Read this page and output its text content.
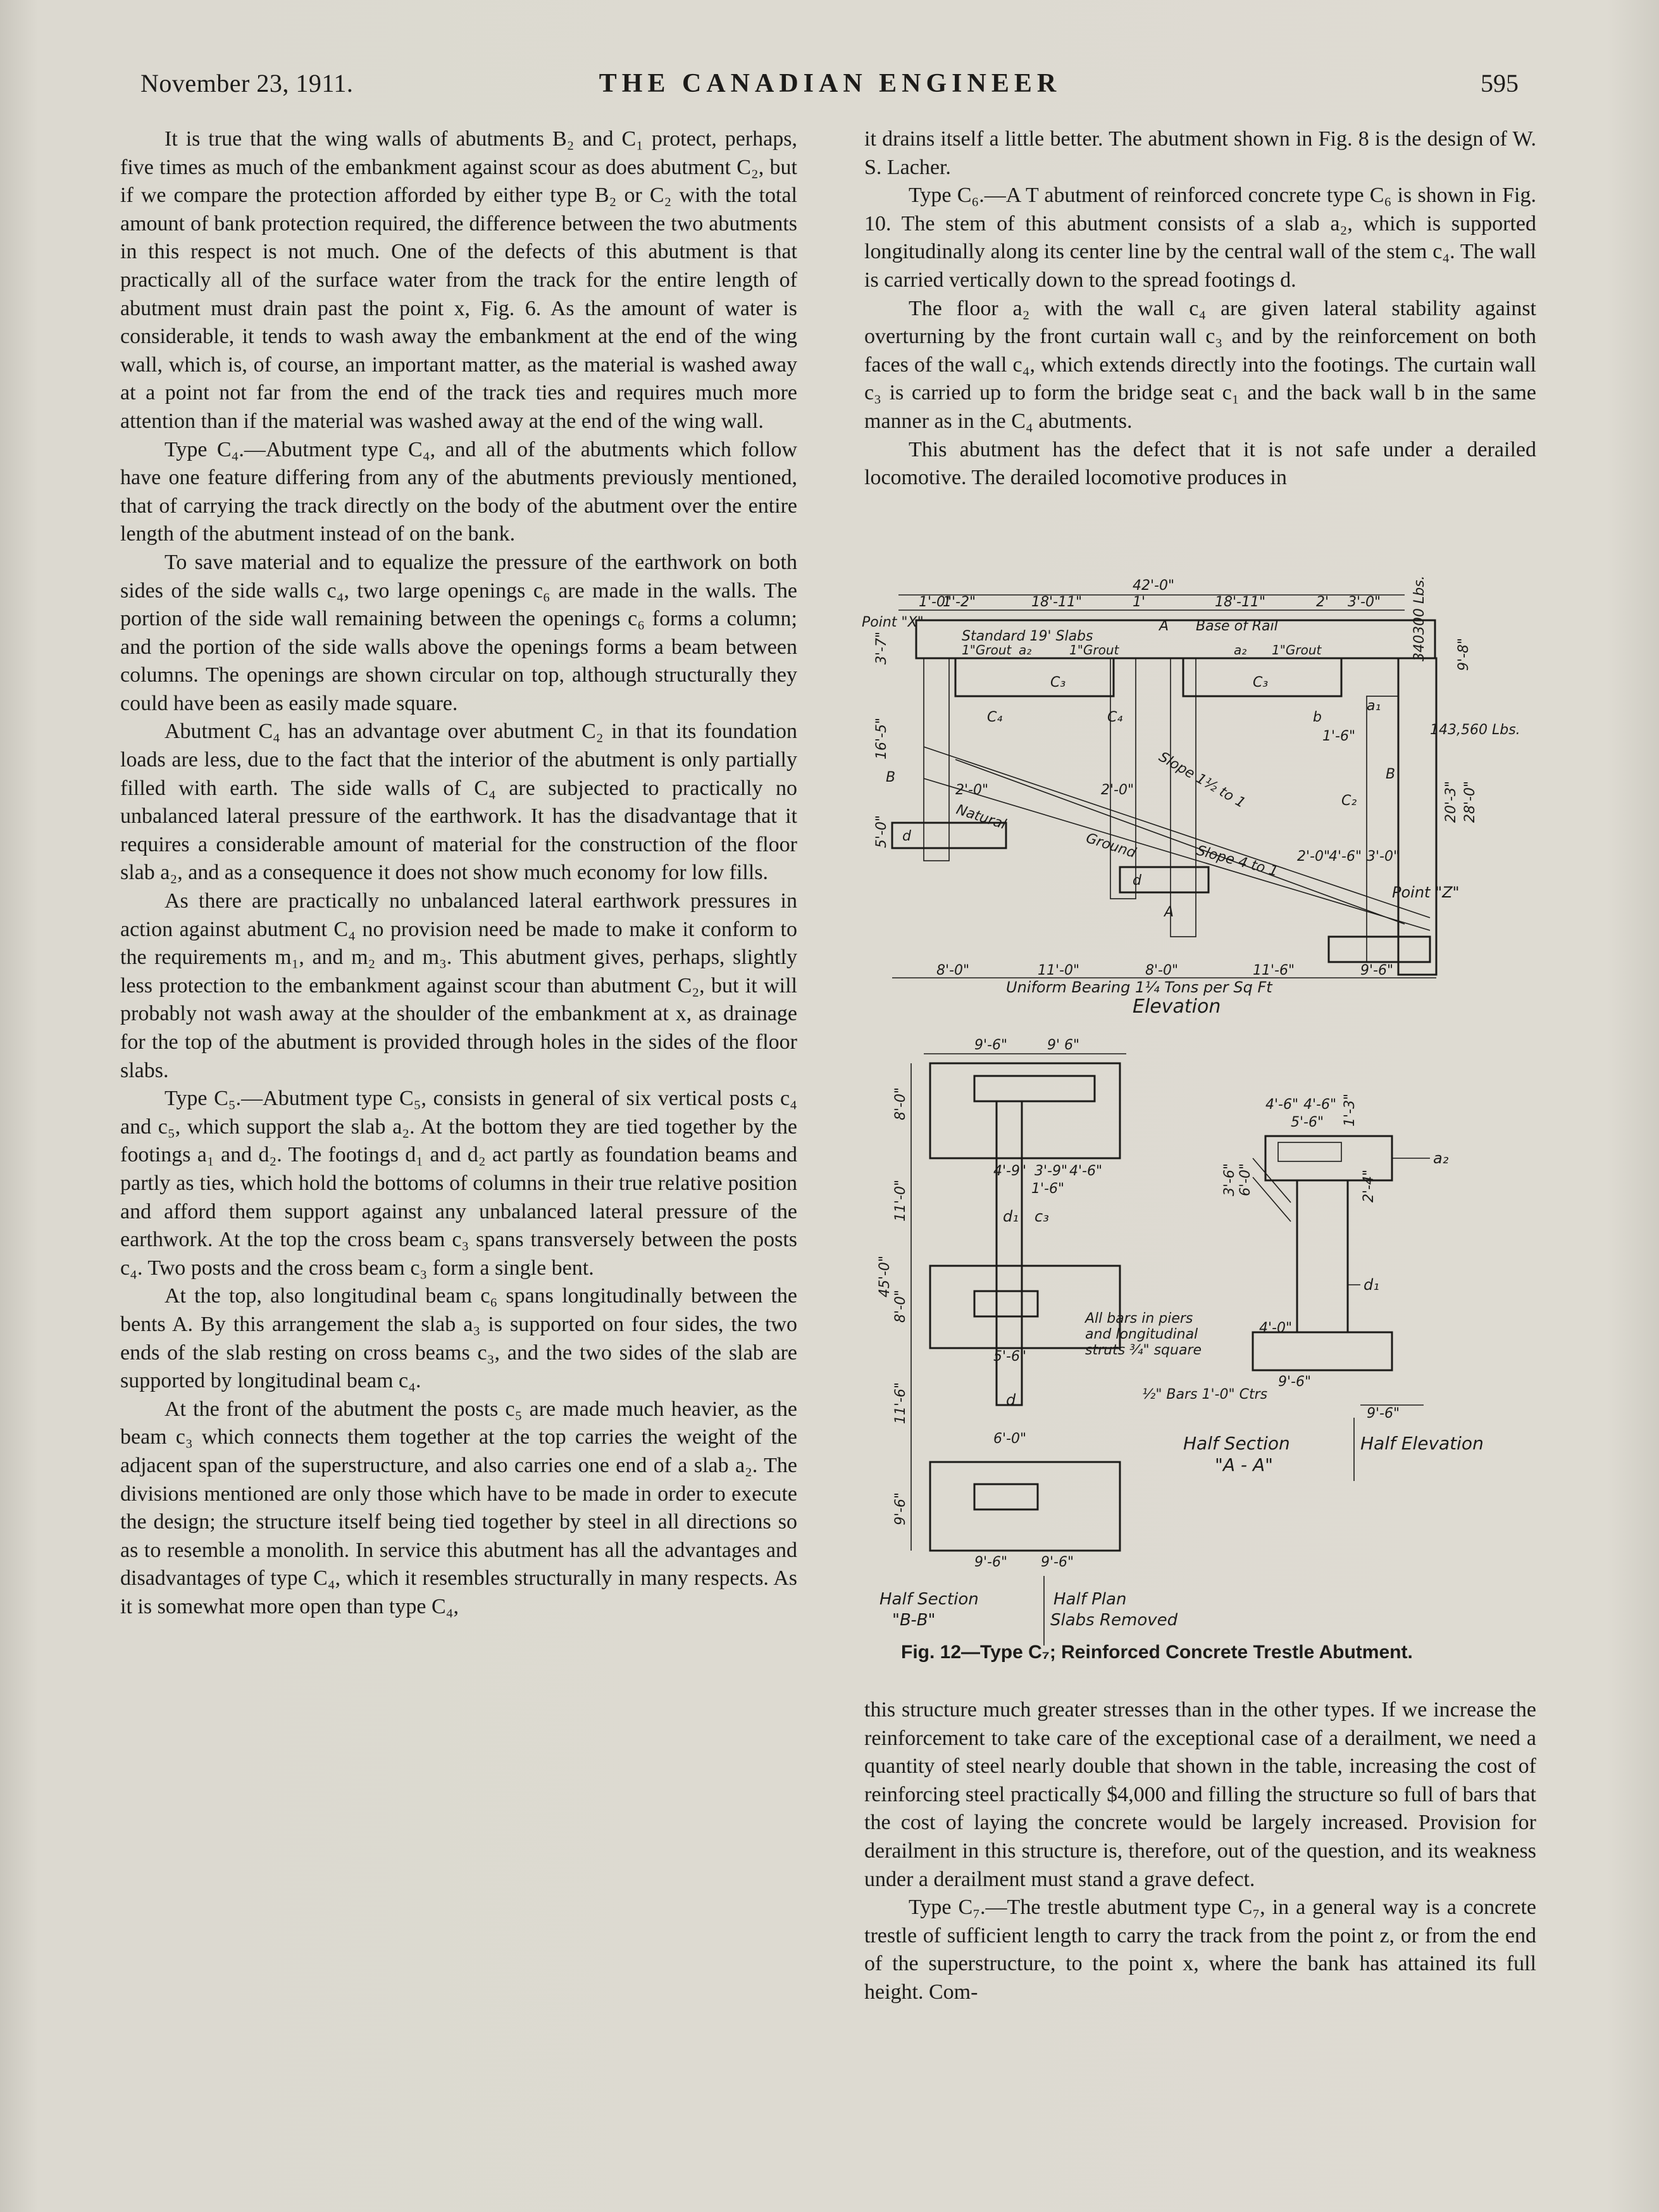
November 23, 1911.	THE CANADIAN ENGINEER	595

It is true that the wing walls of abutments B₂ and C₁ protect, perhaps, five times as much of the embankment against scour as does abutment C₂, but if we compare the protection afforded by either type B₂ or C₂ with the total amount of bank protection required, the difference between the two abutments in this respect is not much. One of the defects of this abutment is that practically all of the surface water from the track for the entire length of abutment must drain past the point x, Fig. 6. As the amount of water is considerable, it tends to wash away the embankment at the end of the wing wall, which is, of course, an important matter, as the material is washed away at a point not far from the end of the track ties and requires much more attention than if the material was washed away at the end of the wing wall.

Type C₄.—Abutment type C₄, and all of the abutments which follow have one feature differing from any of the abutments previously mentioned, that of carrying the track directly on the body of the abutment over the entire length of the abutment instead of on the bank.

To save material and to equalize the pressure of the earthwork on both sides of the side walls c₄, two large openings c₆ are made in the walls. The portion of the side wall remaining between the openings c₆ forms a column; and the portion of the side walls above the openings forms a beam between columns. The openings are shown circular on top, although structurally they could have been as easily made square.

Abutment C₄ has an advantage over abutment C₂ in that its foundation loads are less, due to the fact that the interior of the abutment is only partially filled with earth. The side walls of C₄ are subjected to practically no unbalanced lateral pressure of the earthwork. It has the disadvantage that it requires a considerable amount of material for the construction of the floor slab a₂, and as a consequence it does not show much economy for low fills.

As there are practically no unbalanced lateral earthwork pressures in action against abutment C₄ no provision need be made to make it conform to the requirements m₁, and m₂ and m₃. This abutment gives, perhaps, slightly less protection to the embankment against scour than abutment C₂, but it will probably not wash away at the shoulder of the embankment at x, as drainage for the top of the abutment is provided through holes in the sides of the floor slabs.

Type C₅.—Abutment type C₅, consists in general of six vertical posts c₄ and c₅, which support the slab a₂. At the bottom they are tied together by the footings a₁ and d₂. The footings d₁ and d₂ act partly as foundation beams and partly as ties, which hold the bottoms of columns in their true relative position and afford them support against any unbalanced lateral pressure of the earthwork. At the top the cross beam c₃ spans transversely between the posts c₄. Two posts and the cross beam c₃ form a single bent.

At the top, also longitudinal beam c₆ spans longitudinally between the bents A. By this arrangement the slab a₃ is supported on four sides, the two ends of the slab resting on cross beams c₃, and the two sides of the slab are supported by longitudinal beam c₄.

At the front of the abutment the posts c₅ are made much heavier, as the beam c₃ which connects them together at the top carries the weight of the adjacent span of the superstructure, and also carries one end of a slab a₂. The divisions mentioned are only those which have to be made in order to execute the design; the structure itself being tied together by steel in all directions so as to resemble a monolith. In service this abutment has all the advantages and disadvantages of type C₄, which it resembles structurally in many respects. As it is somewhat more open than type C₄,

it drains itself a little better. The abutment shown in Fig. 8 is the design of W. S. Lacher.

Type C₆.—A T abutment of reinforced concrete type C₆ is shown in Fig. 10. The stem of this abutment consists of a slab a₂, which is supported longitudinally along its center line by the central wall of the stem c₄. The wall is carried vertically down to the spread footings d.

The floor a₂ with the wall c₄ are given lateral stability against overturning by the front curtain wall c₃ and by the reinforcement on both faces of the wall c₄, which extends directly into the footings. The curtain wall c₃ is carried up to form the bridge seat c₁ and the back wall b in the same manner as in the C₄ abutments.

This abutment has the defect that it is not safe under a derailed locomotive. The derailed locomotive produces in

42'-0"
1'-0"
1'-2"	18'-11"	1'	18'-11"	2' 3'-0"
Point "X"
Standard 19' Slabs
1"Grout a₂	1"Grout	a₂ 1"Grout
A Base of Rail
C₃	C₃
C₄	C₄	b
a₁
B	B
C₂
Natural
Ground
Slope 1½ to 1
Slope 4 to 1
d
d
A
Point "Z"
340300 Lbs.
143,560 Lbs.
3'-7"
16'-5"
5'-0"
9'-8"
20'-3" 28'-0"
1'-6"
2'-0"	2'-0"
2'-0"
4'-6" 3'-0"
8'-0"	11'-0"	8'-0"	11'-6"	9'-6"
Uniform Bearing 1¼ Tons per Sq Ft
Elevation
9'-6"	9' 6"
8'-0"
11'-0"
8'-0"
11'-6"
9'-6"
45'-0"
4'-9" 3'-9" 4'-6"
1'-6"
5'-6"
6'-0"
9'-6" 9'-6"
d₁ c₃
d
Half Section
"B-B"
Half Plan
Slabs Removed
4'-6" 4'-6"
5'-6" 1'-3"
3'-6" 6'-0"	2'-4"
a₂
d₁
4'-0"
9'-6"
9'-6"
All bars in piers
and longitudinal
struts ¾" square
½" Bars 1'-0" Ctrs
Half Section
"A - A"
Half Elevation
Fig. 12—Type C₇; Reinforced Concrete Trestle Abutment.

this structure much greater stresses than in the other types. If we increase the reinforcement to take care of the exceptional case of a derailment, we need a quantity of steel nearly double that shown in the table, increasing the cost of reinforcing steel practically $4,000 and filling the structure so full of bars that the cost of laying the concrete would be largely increased. Provision for derailment in this structure is, therefore, out of the question, and its weakness under a derailment must stand a grave defect.

Type C₇.—The trestle abutment type C₇, in a general way is a concrete trestle of sufficient length to carry the track from the point z, or from the end of the superstructure, to the point x, where the bank has attained its full height. Com-
